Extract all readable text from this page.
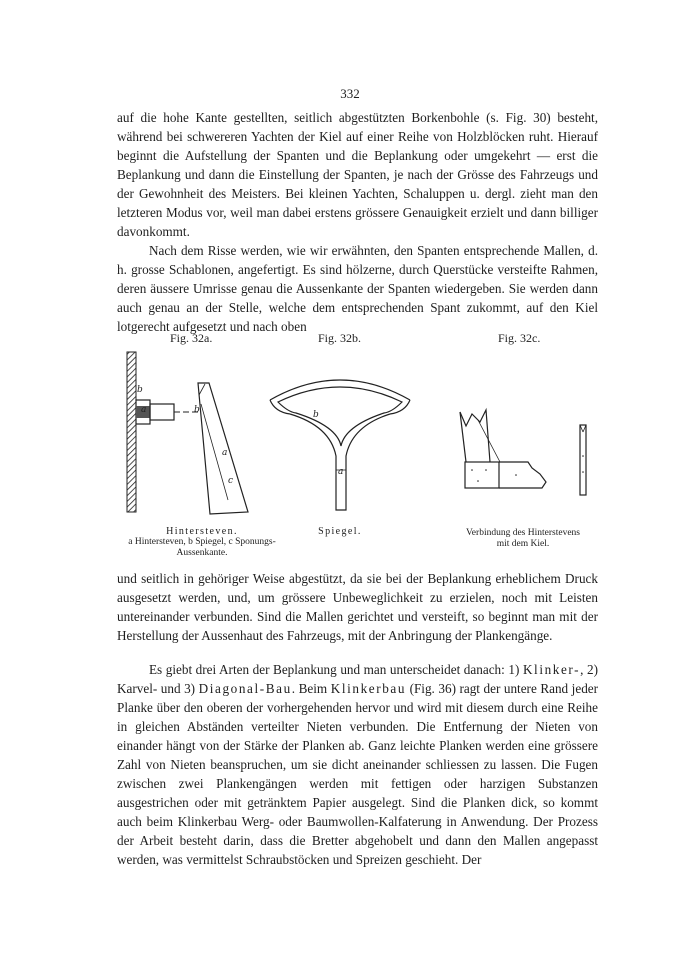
332

auf die hohe Kante gestellten, seitlich abgestützten Borkenbohle (s. Fig. 30) besteht, während bei schwereren Yachten der Kiel auf einer Reihe von Holzblöcken ruht. Hierauf beginnt die Aufstellung der Spanten und die Beplankung oder umgekehrt — erst die Beplankung und dann die Einstellung der Spanten, je nach der Grösse des Fahrzeugs und der Gewohnheit des Meisters. Bei kleinen Yachten, Schaluppen u. dergl. zieht man den letzteren Modus vor, weil man dabei erstens grössere Genauigkeit erzielt und dann billiger davonkommt.

Nach dem Risse werden, wie wir erwähnten, den Spanten entsprechende Mallen, d. h. grosse Schablonen, angefertigt. Es sind hölzerne, durch Querstücke versteifte Rahmen, deren äussere Umrisse genau die Aussenkante der Spanten wiedergeben. Sie werden dann auch genau an der Stelle, welche dem entsprechenden Spant zukommt, auf den Kiel lotgerecht aufgesetzt und nach oben

Fig. 32a.	Fig. 32b.	Fig. 32c.
b
a	b
a
c
b
a
Hintersteven.
a Hintersteven, b Spiegel, c Sponungs-
Aussenkante.
Spiegel.	Verbindung des Hinterstevens
mit dem Kiel.

und seitlich in gehöriger Weise abgestützt, da sie bei der Beplankung erheblichem Druck ausgesetzt werden, und, um grössere Unbeweglichkeit zu erzielen, noch mit Leisten untereinander verbunden. Sind die Mallen gerichtet und versteift, so beginnt man mit der Herstellung der Aussenhaut des Fahrzeugs, mit der Anbringung der Plankengänge.

Es giebt drei Arten der Beplankung und man unterscheidet danach: 1) Klinker-, 2) Karvel- und 3) Diagonal-Bau. Beim Klinkerbau (Fig. 36) ragt der untere Rand jeder Planke über den oberen der vorhergehenden hervor und wird mit diesem durch eine Reihe in gleichen Abständen verteilter Nieten verbunden. Die Entfernung der Nieten von einander hängt von der Stärke der Planken ab. Ganz leichte Planken werden eine grössere Zahl von Nieten beanspruchen, um sie dicht aneinander schliessen zu lassen. Die Fugen zwischen zwei Plankengängen werden mit fettigen oder harzigen Substanzen ausgestrichen oder mit getränktem Papier ausgelegt. Sind die Planken dick, so kommt auch beim Klinkerbau Werg- oder Baumwollen-Kalfaterung in Anwendung. Der Prozess der Arbeit besteht darin, dass die Bretter abgehobelt und dann den Mallen angepasst werden, was vermittelst Schraubstöcken und Spreizen geschieht. Der
